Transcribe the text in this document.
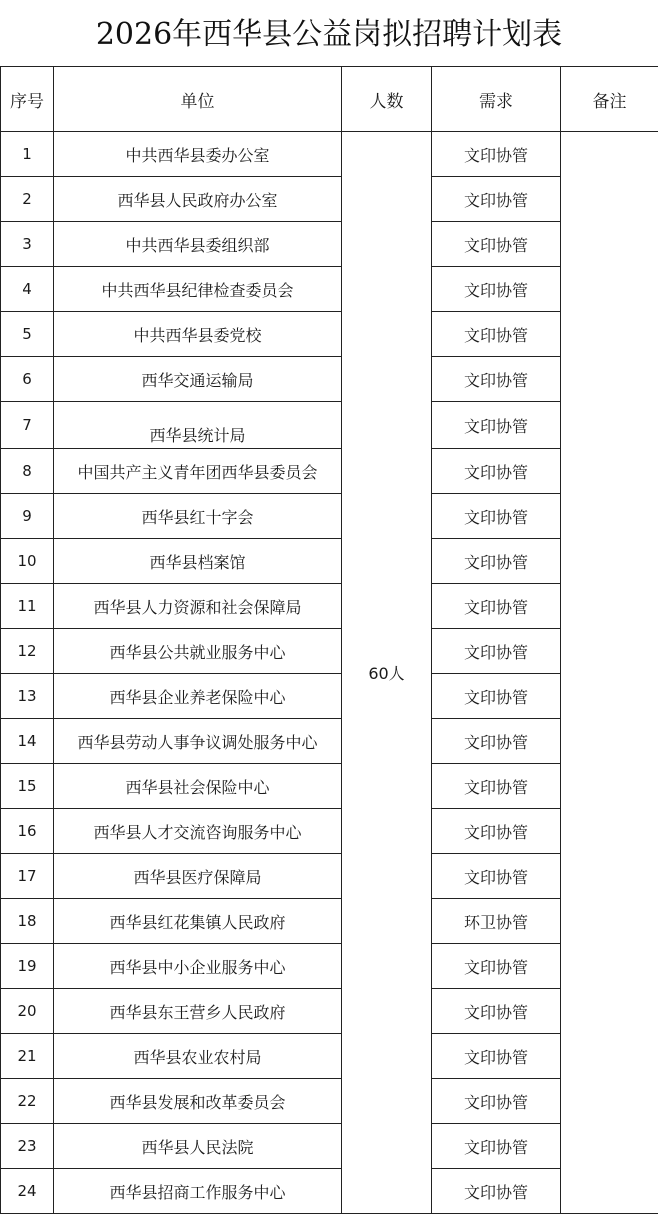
2026年西华县公益岗拟招聘计划表
序号	单位	人数	需求	备注
1	中共西华县委办公室	60人	文印协管	
2	西华县人民政府办公室		文印协管	
3	中共西华县委组织部		文印协管	
4	中共西华县纪律检查委员会		文印协管	
5	中共西华县委党校		文印协管	
6	西华交通运输局		文印协管	
7	西华县统计局		文印协管	
8	中国共产主义青年团西华县委员会		文印协管	
9	西华县红十字会		文印协管	
10	西华县档案馆		文印协管	
11	西华县人力资源和社会保障局		文印协管	
12	西华县公共就业服务中心		文印协管	
13	西华县企业养老保险中心		文印协管	
14	西华县劳动人事争议调处服务中心		文印协管	
15	西华县社会保险中心		文印协管	
16	西华县人才交流咨询服务中心		文印协管	
17	西华县医疗保障局		文印协管	
18	西华县红花集镇人民政府		环卫协管	
19	西华县中小企业服务中心		文印协管	
20	西华县东王营乡人民政府		文印协管	
21	西华县农业农村局		文印协管	
22	西华县发展和改革委员会		文印协管	
23	西华县人民法院		文印协管	
24	西华县招商工作服务中心		文印协管	
